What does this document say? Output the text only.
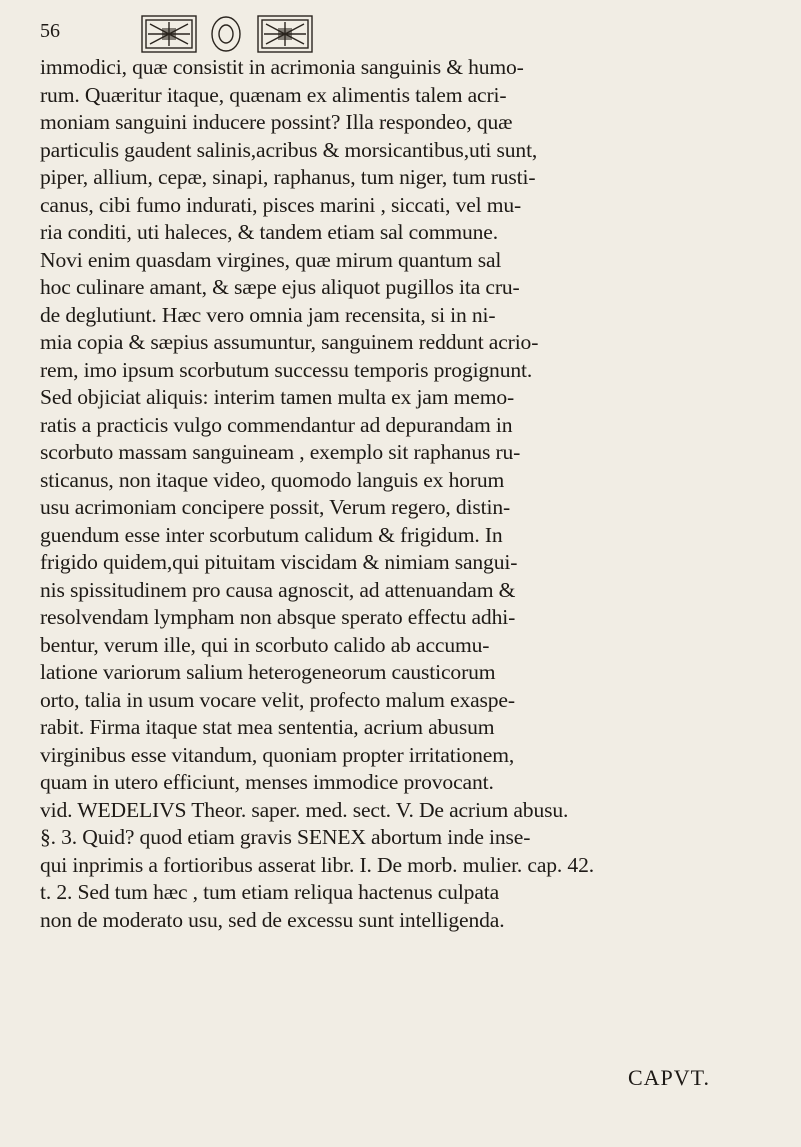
56
immodici, quæ consistit in acrimonia sanguinis & humo-
rum. Quæritur itaque, quænam ex alimentis talem acri-
moniam sanguini inducere possint? Illa respondeo, quæ
particulis gaudent salinis,acribus & morsicantibus,uti sunt,
piper, allium, cepæ, sinapi, raphanus, tum niger, tum rusti-
canus, cibi fumo indurati, pisces marini , siccati, vel mu-
ria conditi, uti haleces, & tandem etiam sal commune.
Novi enim quasdam virgines, quæ mirum quantum sal
hoc culinare amant, & sæpe ejus aliquot pugillos ita cru-
de deglutiunt. Hæc vero omnia jam recensita, si in ni-
mia copia & sæpius assumuntur, sanguinem reddunt acrio-
rem, imo ipsum scorbutum successu temporis progignunt.
Sed objiciat aliquis: interim tamen multa ex jam memo-
ratis a practicis vulgo commendantur ad depurandam in
scorbuto massam sanguineam , exemplo sit raphanus ru-
sticanus, non itaque video, quomodo languis ex horum
usu acrimoniam concipere possit, Verum regero, distin-
guendum esse inter scorbutum calidum & frigidum. In
frigido quidem,qui pituitam viscidam & nimiam sangui-
nis spissitudinem pro causa agnoscit, ad attenuandam &
resolvendam lympham non absque sperato effectu adhi-
bentur, verum ille, qui in scorbuto calido ab accumu-
latione variorum salium heterogeneorum causticorum
orto, talia in usum vocare velit, profecto malum exaspe-
rabit. Firma itaque stat mea sententia, acrium abusum
virginibus esse vitandum, quoniam propter irritationem,
quam in utero efficiunt, menses immodice provocant.
vid. WEDELIVS Theor. saper. med. sect. V. De acrium abusu.
§. 3. Quid? quod etiam gravis SENEX abortum inde inse-
qui inprimis a fortioribus asserat libr. I. De morb. mulier. cap. 42.
t. 2. Sed tum hæc , tum etiam reliqua hactenus culpata
non de moderato usu, sed de excessu sunt intelligenda.
CAPVT.
